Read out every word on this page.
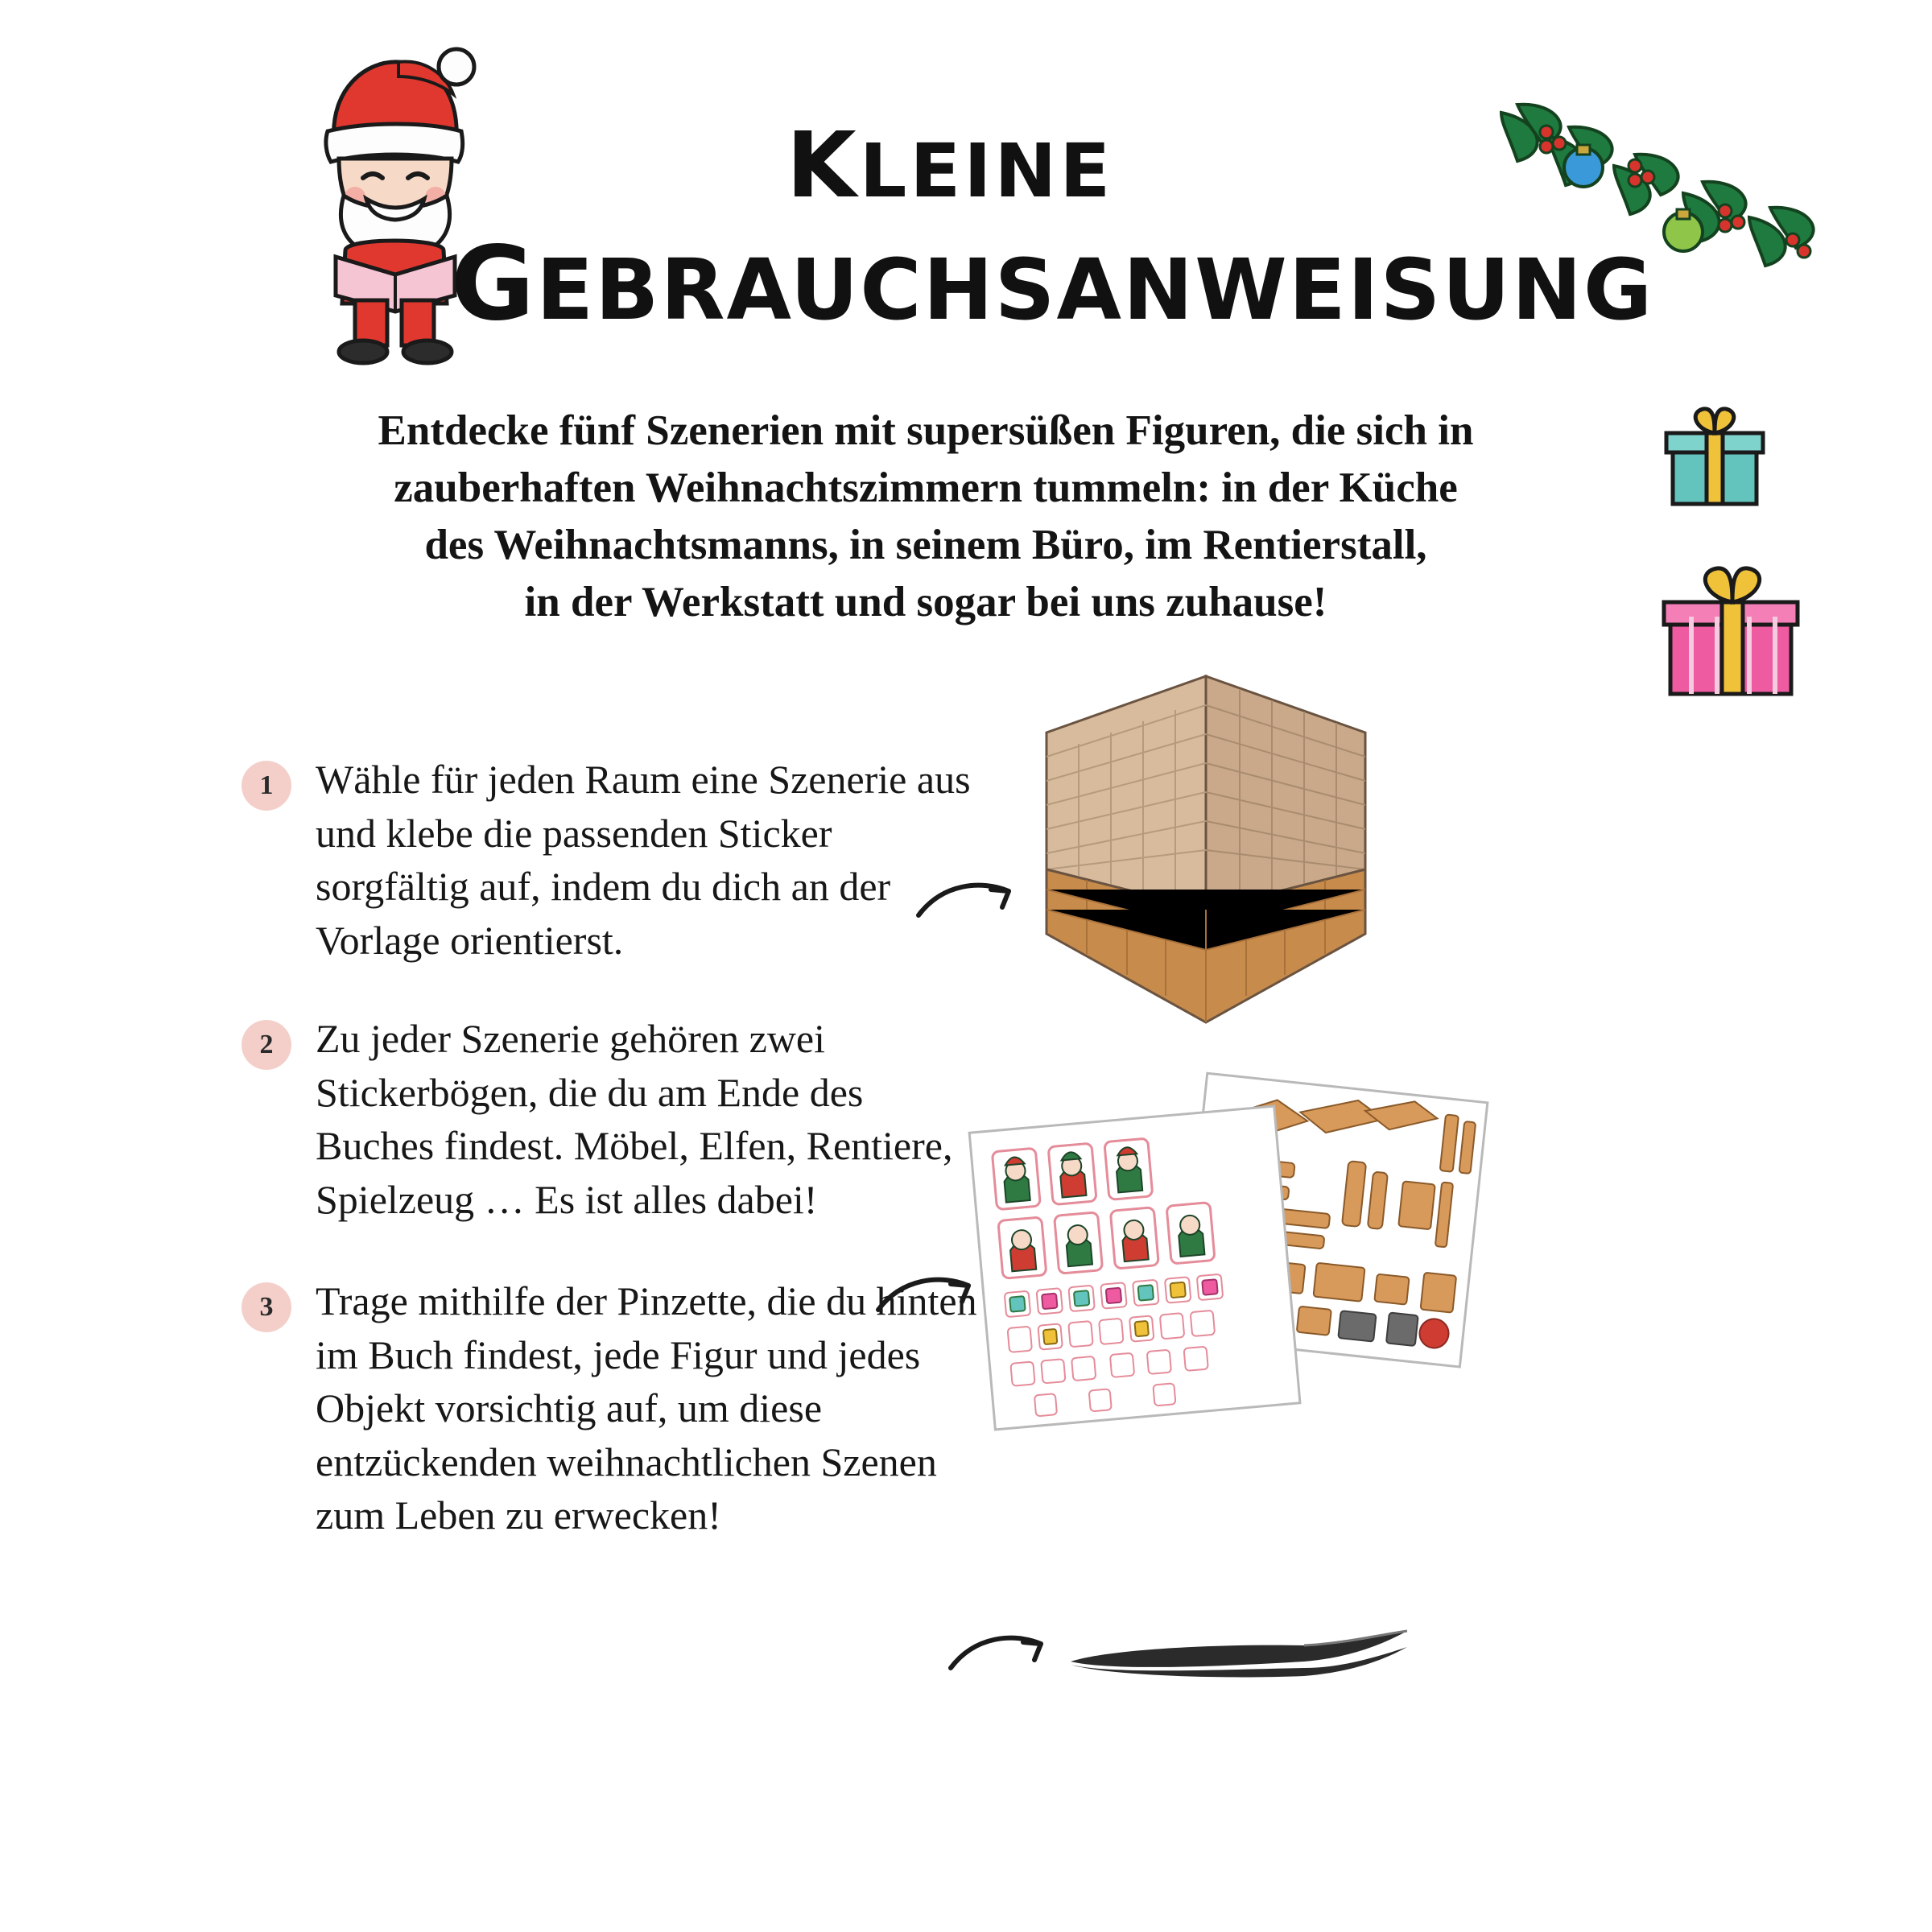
KLEINE
GEBRAUCHSANWEISUNG
Entdecke fünf Szenerien mit supersüßen Figuren, die sich in
zauberhaften Weihnachtszimmern tummeln: in der Küche
des Weihnachtsmanns, in seinem Büro, im Rentierstall,
in der Werkstatt und sogar bei uns zuhause!
1	Wähle für jeden Raum eine Szenerie aus und klebe die passenden Sticker sorgfältig auf, indem du dich an der Vorlage orientierst.
2	Zu jeder Szenerie gehören zwei Stickerbögen, die du am Ende des Buches findest. Möbel, Elfen, Rentiere, Spielzeug … Es ist alles dabei!
3	Trage mithilfe der Pinzette, die du hinten im Buch findest, jede Figur und jedes Objekt vorsichtig auf, um diese entzückenden weihnachtlichen Szenen zum Leben zu erwecken!
